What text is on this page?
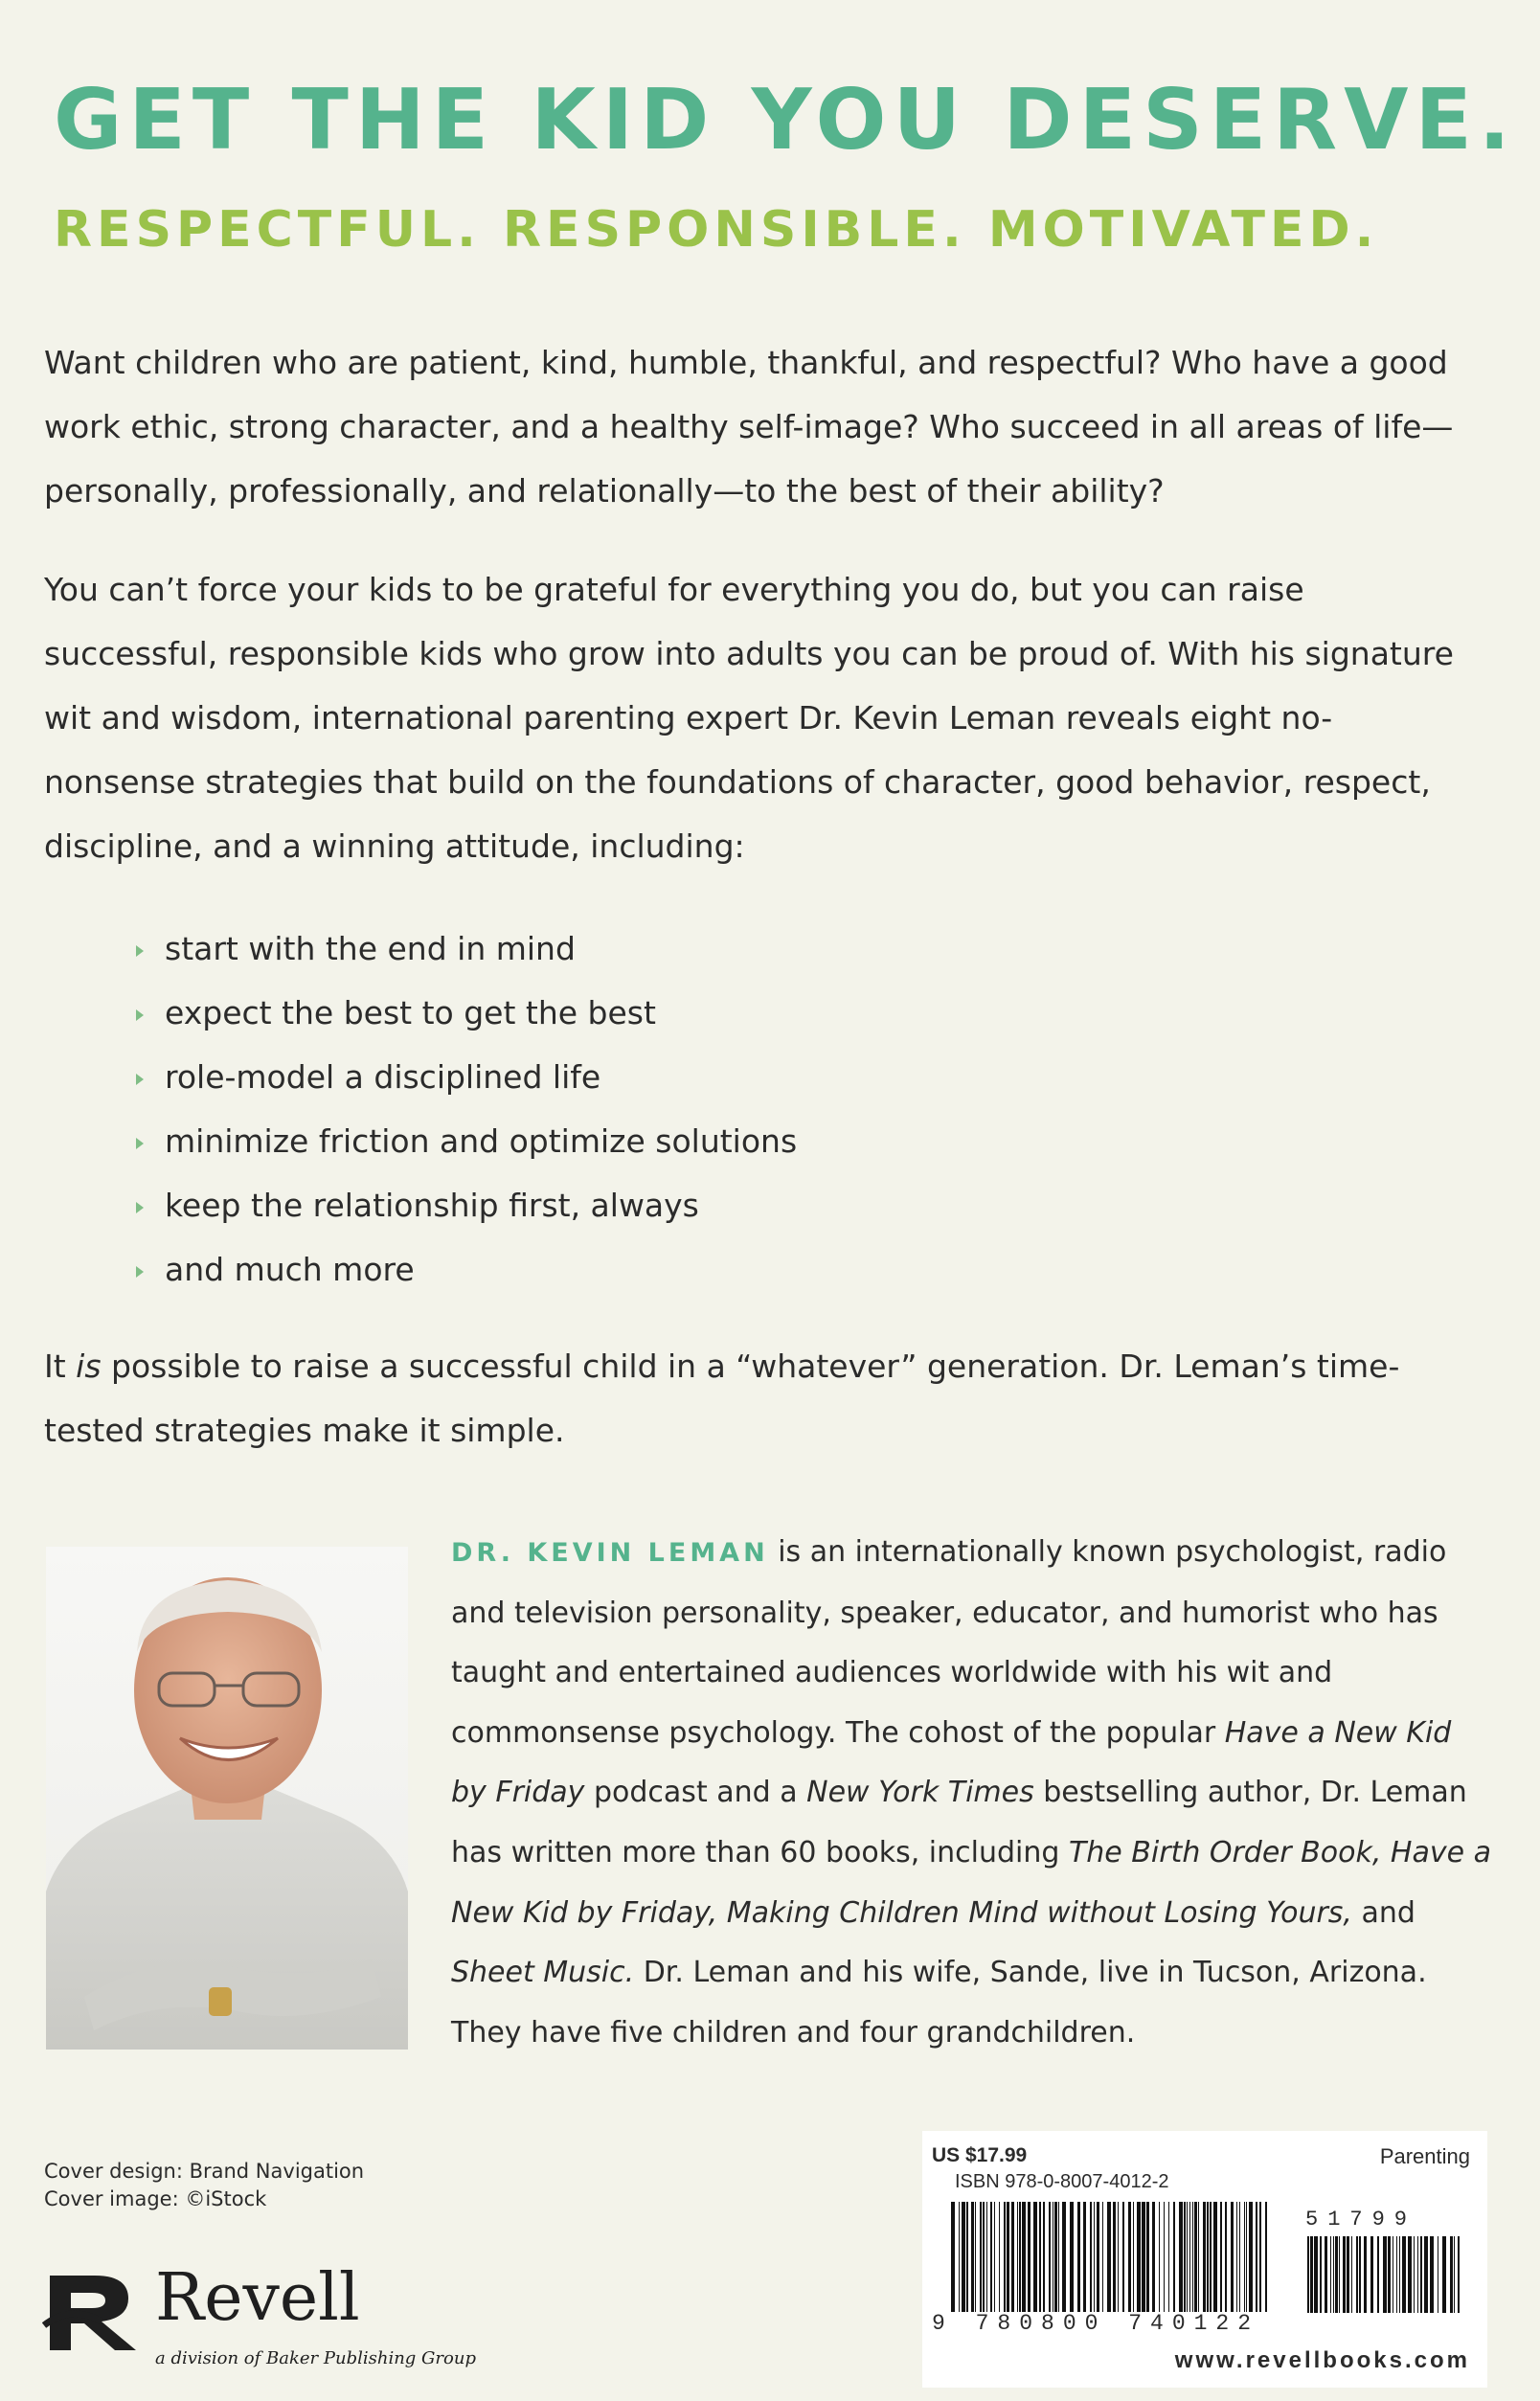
GET THE KID YOU DESERVE.
RESPECTFUL. RESPONSIBLE. MOTIVATED.

Want children who are patient, kind, humble, thankful, and respectful? Who have a good work ethic, strong character, and a healthy self-image? Who succeed in all areas of life—personally, professionally, and relationally—to the best of their ability?

You can’t force your kids to be grateful for everything you do, but you can raise successful, responsible kids who grow into adults you can be proud of. With his signature wit and wisdom, international parenting expert Dr. Kevin Leman reveals eight no-nonsense strategies that build on the foundations of character, good behavior, respect, discipline, and a winning attitude, including:

start with the end in mind
expect the best to get the best
role-model a disciplined life
minimize friction and optimize solutions
keep the relationship first, always
and much more

It is possible to raise a successful child in a “whatever” generation. Dr. Leman’s time-tested strategies make it simple.

DR. KEVIN LEMAN is an internationally known psychologist, radio and television personality, speaker, educator, and humorist who has taught and entertained audiences worldwide with his wit and commonsense psychology. The cohost of the popular Have a New Kid by Friday podcast and a New York Times bestselling author, Dr. Leman has written more than 60 books, including The Birth Order Book, Have a New Kid by Friday, Making Children Mind without Losing Yours, and Sheet Music. Dr. Leman and his wife, Sande, live in Tucson, Arizona. They have five children and four grandchildren.

Cover design: Brand Navigation
Cover image: ©iStock
Revell
a division of Baker Publishing Group
US $17.99	Parenting
ISBN 978-0-8007-4012-2
51799
9 780800 740122
www.revellbooks.com
